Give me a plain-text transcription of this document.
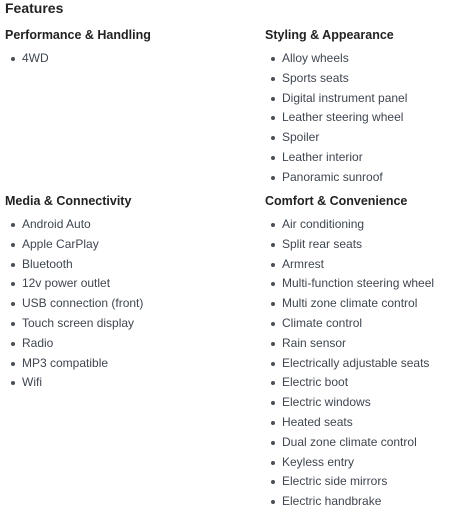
Features
Performance & Handling
4WD
Styling & Appearance
Alloy wheels
Sports seats
Digital instrument panel
Leather steering wheel
Spoiler
Leather interior
Panoramic sunroof
Media & Connectivity
Android Auto
Apple CarPlay
Bluetooth
12v power outlet
USB connection (front)
Touch screen display
Radio
MP3 compatible
Wifi
Comfort & Convenience
Air conditioning
Split rear seats
Armrest
Multi-function steering wheel
Multi zone climate control
Climate control
Rain sensor
Electrically adjustable seats
Electric boot
Electric windows
Heated seats
Dual zone climate control
Keyless entry
Electric side mirrors
Electric handbrake
